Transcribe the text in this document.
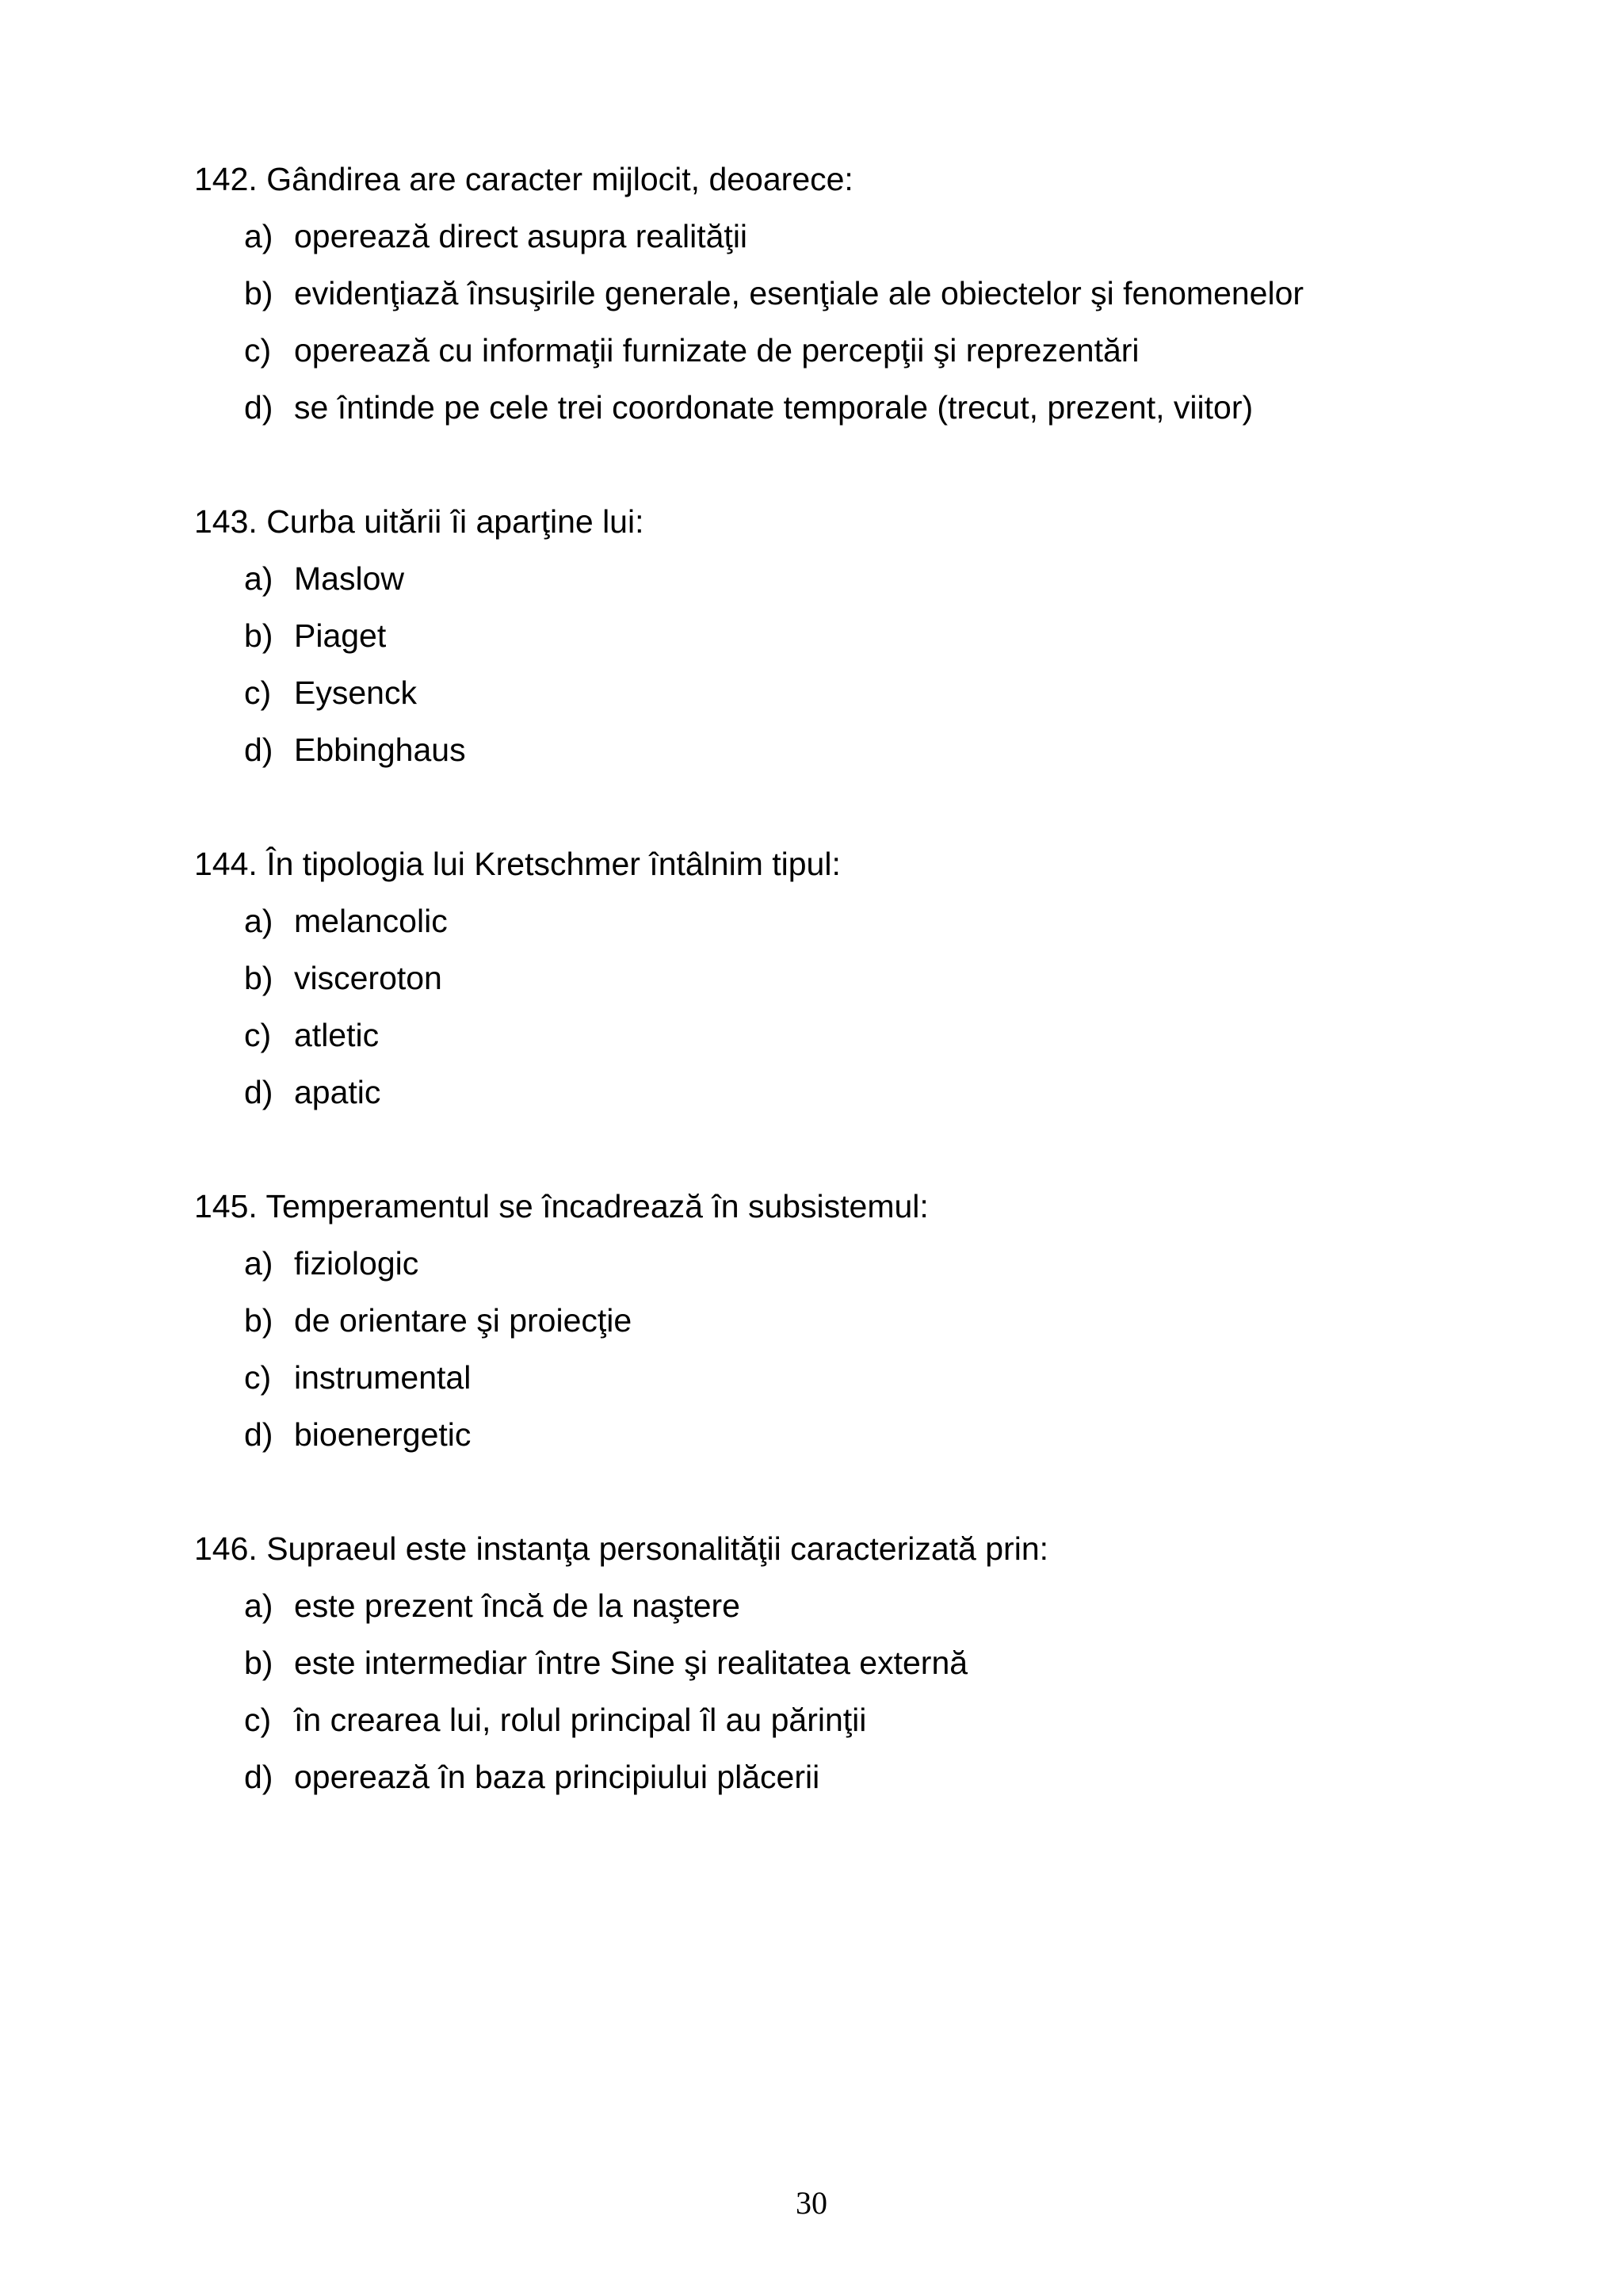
142. Gândirea are caracter mijlocit, deoarece:
a) operează direct asupra realităţii
b) evidenţiază însuşirile generale, esenţiale ale obiectelor şi fenomenelor
c) operează cu informaţii furnizate de percepţii şi reprezentări
d) se întinde pe cele trei coordonate temporale (trecut, prezent, viitor)
143. Curba uitării îi aparţine lui:
a) Maslow
b) Piaget
c) Eysenck
d) Ebbinghaus
144. În tipologia lui Kretschmer întâlnim tipul:
a) melancolic
b) visceroton
c) atletic
d) apatic
145. Temperamentul se încadrează în subsistemul:
a) fiziologic
b) de orientare şi proiecţie
c) instrumental
d) bioenergetic
146. Supraeul este instanţa personalităţii caracterizată prin:
a) este prezent încă de la naştere
b) este intermediar între Sine şi realitatea externă
c) în crearea lui, rolul principal îl au părinţii
d) operează în baza principiului plăcerii
30
